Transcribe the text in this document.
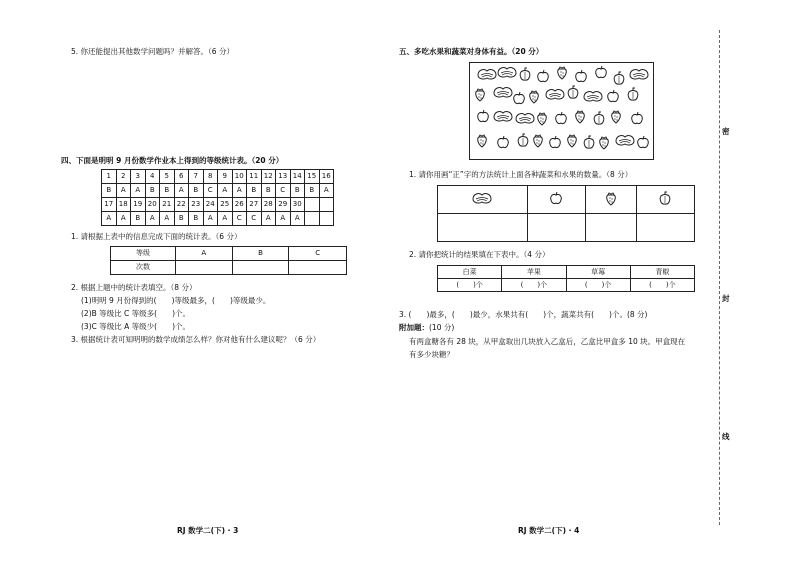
5. 你还能提出其他数学问题吗？并解答。（6 分）
四、下面是明明 9 月份数学作业本上得到的等级统计表。（20 分）
1	2	3	4	5	6	7	8	9	10	11	12	13	14	15	16
B	A	A	B	B	A	B	C	A	A	B	B	C	B	B	A
17	18	19	20	21	22	23	24	25	26	27	28	29	30		
A	A	B	A	A	B	B	A	A	C	C	A	A	A		
1. 请根据上表中的信息完成下面的统计表。（6 分）
等级	A	B	C
次数			
2. 根据上题中的统计表填空。（8 分）
(1)明明 9 月份得到的(　　)等级最多，(　　)等级最少。
(2)B 等级比 C 等级多(　　)个。
(3)C 等级比 A 等级少(　　)个。
3. 根据统计表可知明明的数学成绩怎么样？你对他有什么建议呢？（6 分）
RJ 数学二(下) · 3
五、多吃水果和蔬菜对身体有益。（20 分）
1. 请你用画“正”字的方法统计上面各种蔬菜和水果的数量。（8 分）

2. 请你把统计的结果填在下表中。（4 分）
白菜	苹果	草莓	青椒
(　　)个	(　　)个	(　　)个	(　　)个
3. (　　)最多，(　　)最少，水果共有(　　)个，蔬菜共有(　　)个。(8 分)
附加题：(10 分)
有两盒糖各有 28 块，从甲盒取出几块放入乙盒后，乙盒比甲盒多 10 块。甲盒现在
有多少块糖？
RJ 数学二(下) · 4
密
封
线
